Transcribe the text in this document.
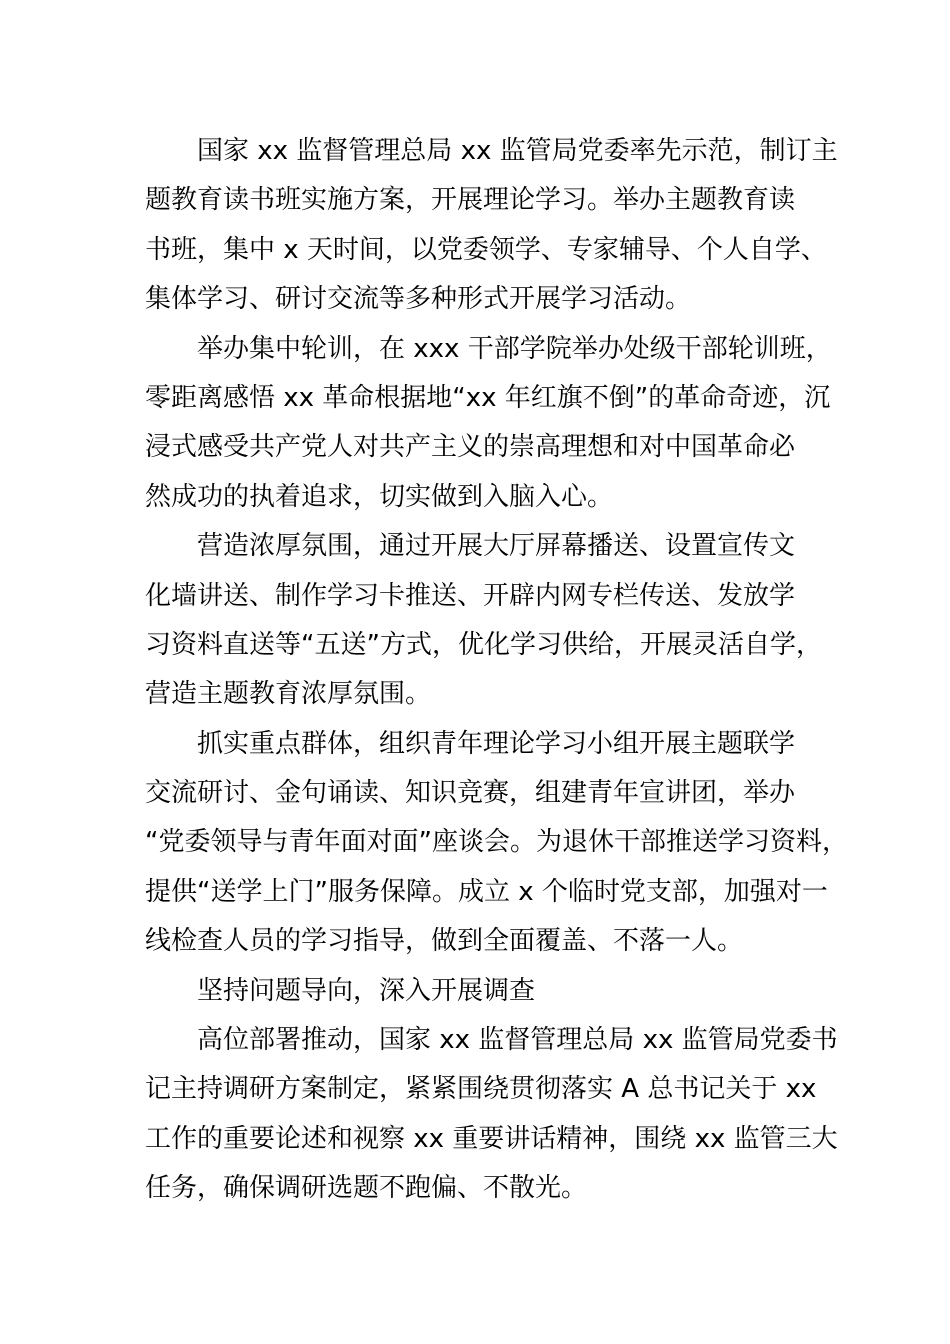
国家 xx 监督管理总局 xx 监管局党委率先示范，制订主
题教育读书班实施方案，开展理论学习。举办主题教育读
书班，集中 x 天时间，以党委领学、专家辅导、个人自学、
集体学习、研讨交流等多种形式开展学习活动。

举办集中轮训，在 xxx 干部学院举办处级干部轮训班，
零距离感悟 xx 革命根据地“xx 年红旗不倒”的革命奇迹，沉
浸式感受共产党人对共产主义的崇高理想和对中国革命必
然成功的执着追求，切实做到入脑入心。

营造浓厚氛围，通过开展大厅屏幕播送、设置宣传文
化墙讲送、制作学习卡推送、开辟内网专栏传送、发放学
习资料直送等“五送”方式，优化学习供给，开展灵活自学，
营造主题教育浓厚氛围。

抓实重点群体，组织青年理论学习小组开展主题联学
交流研讨、金句诵读、知识竞赛，组建青年宣讲团，举办
“党委领导与青年面对面”座谈会。为退休干部推送学习资料，
提供“送学上门”服务保障。成立 x 个临时党支部，加强对一
线检查人员的学习指导，做到全面覆盖、不落一人。

坚持问题导向，深入开展调查

高位部署推动，国家 xx 监督管理总局 xx 监管局党委书
记主持调研方案制定，紧紧围绕贯彻落实 A 总书记关于 xx
工作的重要论述和视察 xx 重要讲话精神，围绕 xx 监管三大
任务，确保调研选题不跑偏、不散光。
